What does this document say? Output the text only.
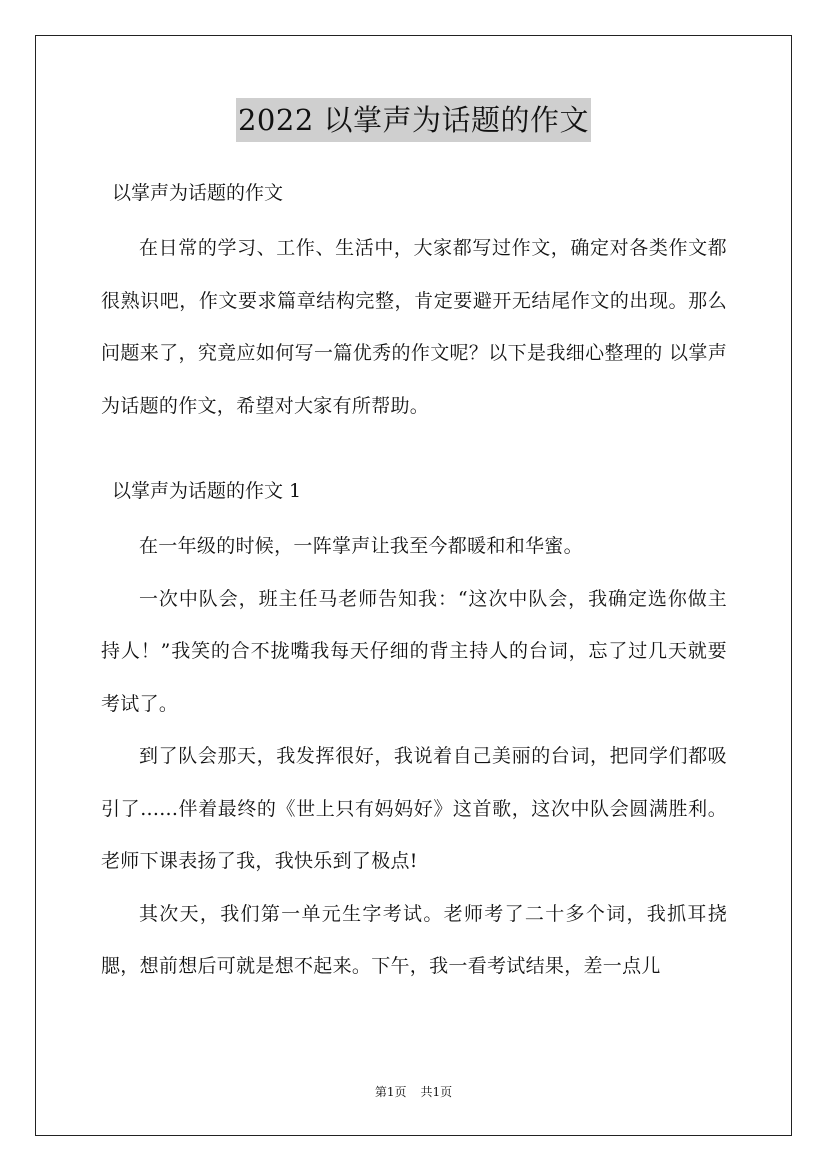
2022 以掌声为话题的作文

以掌声为话题的作文

在日常的学习、工作、生活中，大家都写过作文，确定对各类作文都很熟识吧，作文要求篇章结构完整，肯定要避开无结尾作文的出现。那么问题来了，究竟应如何写一篇优秀的作文呢？以下是我细心整理的 以掌声为话题的作文，希望对大家有所帮助。

以掌声为话题的作文 1

在一年级的时候，一阵掌声让我至今都暖和和华蜜。

一次中队会，班主任马老师告知我：“这次中队会，我确定选你做主持人！”我笑的合不拢嘴我每天仔细的背主持人的台词，忘了过几天就要考试了。

到了队会那天，我发挥很好，我说着自己美丽的台词，把同学们都吸引了......伴着最终的《世上只有妈妈好》这首歌，这次中队会圆满胜利。老师下课表扬了我，我快乐到了极点!

其次天，我们第一单元生字考试。老师考了二十多个词，我抓耳挠腮，想前想后可就是想不起来。下午，我一看考试结果，差一点儿

第1页 共1页
